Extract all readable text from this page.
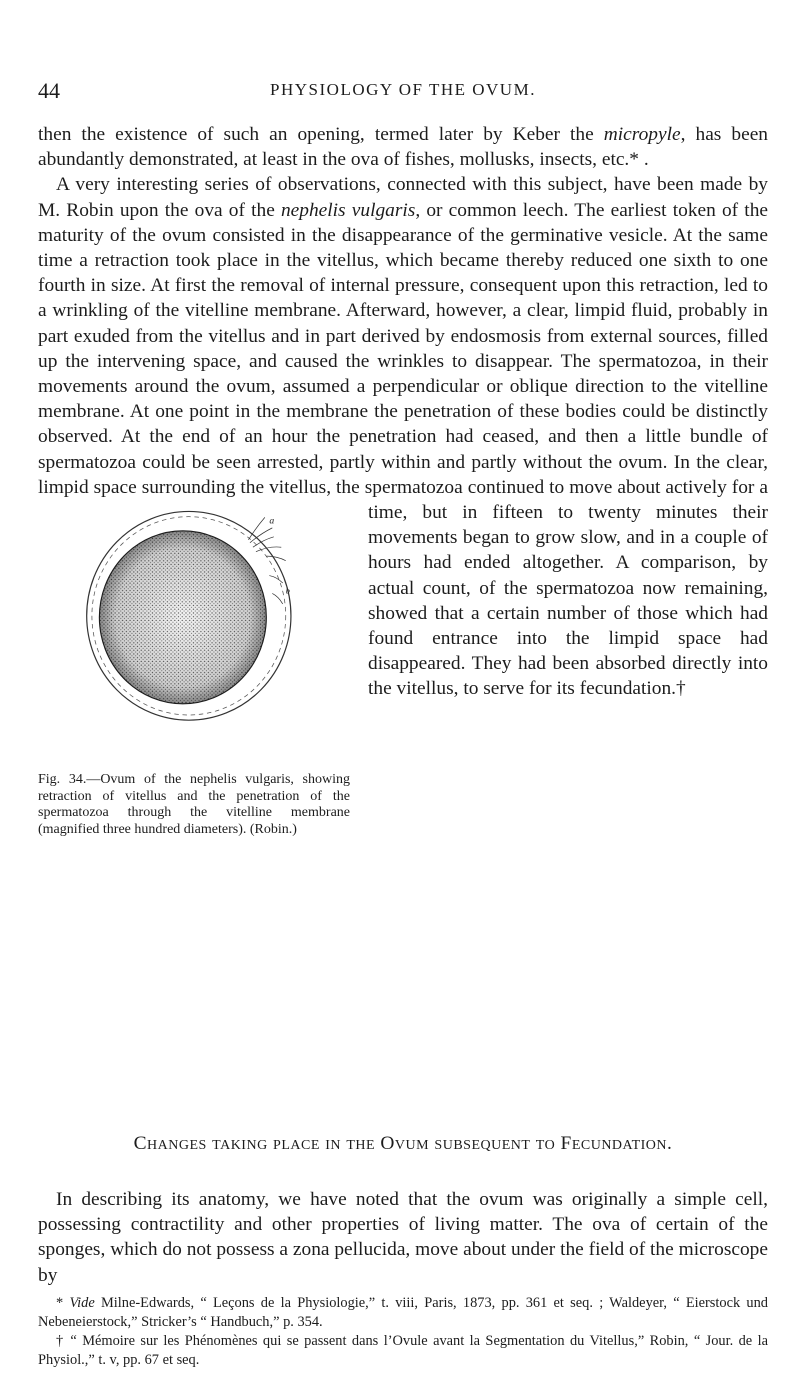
44	PHYSIOLOGY OF THE OVUM.

then the existence of such an opening, termed later by Keber the micropyle, has been abundantly demonstrated, at least in the ova of fishes, mollusks, insects, etc.* .

A very interesting series of observations, connected with this subject, have been made by M. Robin upon the ova of the nephelis vulgaris, or common leech. The earliest token of the maturity of the ovum consisted in the disappearance of the germinative vesicle. At the same time a retraction took place in the vitellus, which became thereby reduced one sixth to one fourth in size. At first the removal of internal pressure, consequent upon this retraction, led to a wrinkling of the vitelline membrane. Afterward, however, a clear, limpid fluid, probably in part exuded from the vitellus and in part derived by endosmosis from external sources, filled up the intervening space, and caused the wrinkles to disappear. The spermatozoa, in their movements around the ovum, assumed a perpendicular or oblique direction to the vitelline membrane. At one point in the membrane the penetration of these bodies could be distinctly observed. At the end of an hour the penetration had ceased, and then a little bundle of spermatozoa could be seen arrested, partly within and partly without the ovum. In the clear, limpid space surrounding the vitellus, the spermatozoa continued to move about actively for a time, but in fifteen to twenty minutes their movements began to grow slow, and in a couple of hours had ended altogether. A comparison, by actual count, of the spermatozoa now remaining, showed that a certain number of those which had found entrance into the limpid space had disappeared. They had been absorbed directly into the vitellus, to serve for its fecundation.†

a
b
Fig. 34.—Ovum of the nephelis vulgaris, showing retraction of vitellus and the penetration of the spermatozoa through the vitelline membrane (magnified three hundred diameters). (Robin.)
Changes taking place in the Ovum subsequent to Fecundation.

In describing its anatomy, we have noted that the ovum was originally a simple cell, possessing contractility and other properties of living matter. The ova of certain of the sponges, which do not possess a zona pellucida, move about under the field of the microscope by

* Vide Milne-Edwards, “ Leçons de la Physiologie,” t. viii, Paris, 1873, pp. 361 et seq. ; Waldeyer, “ Eierstock und Nebeneierstock,” Stricker’s “ Handbuch,” p. 354.

† “ Mémoire sur les Phénomènes qui se passent dans l’Ovule avant la Segmentation du Vitellus,” Robin, “ Jour. de la Physiol.,” t. v, pp. 67 et seq.
